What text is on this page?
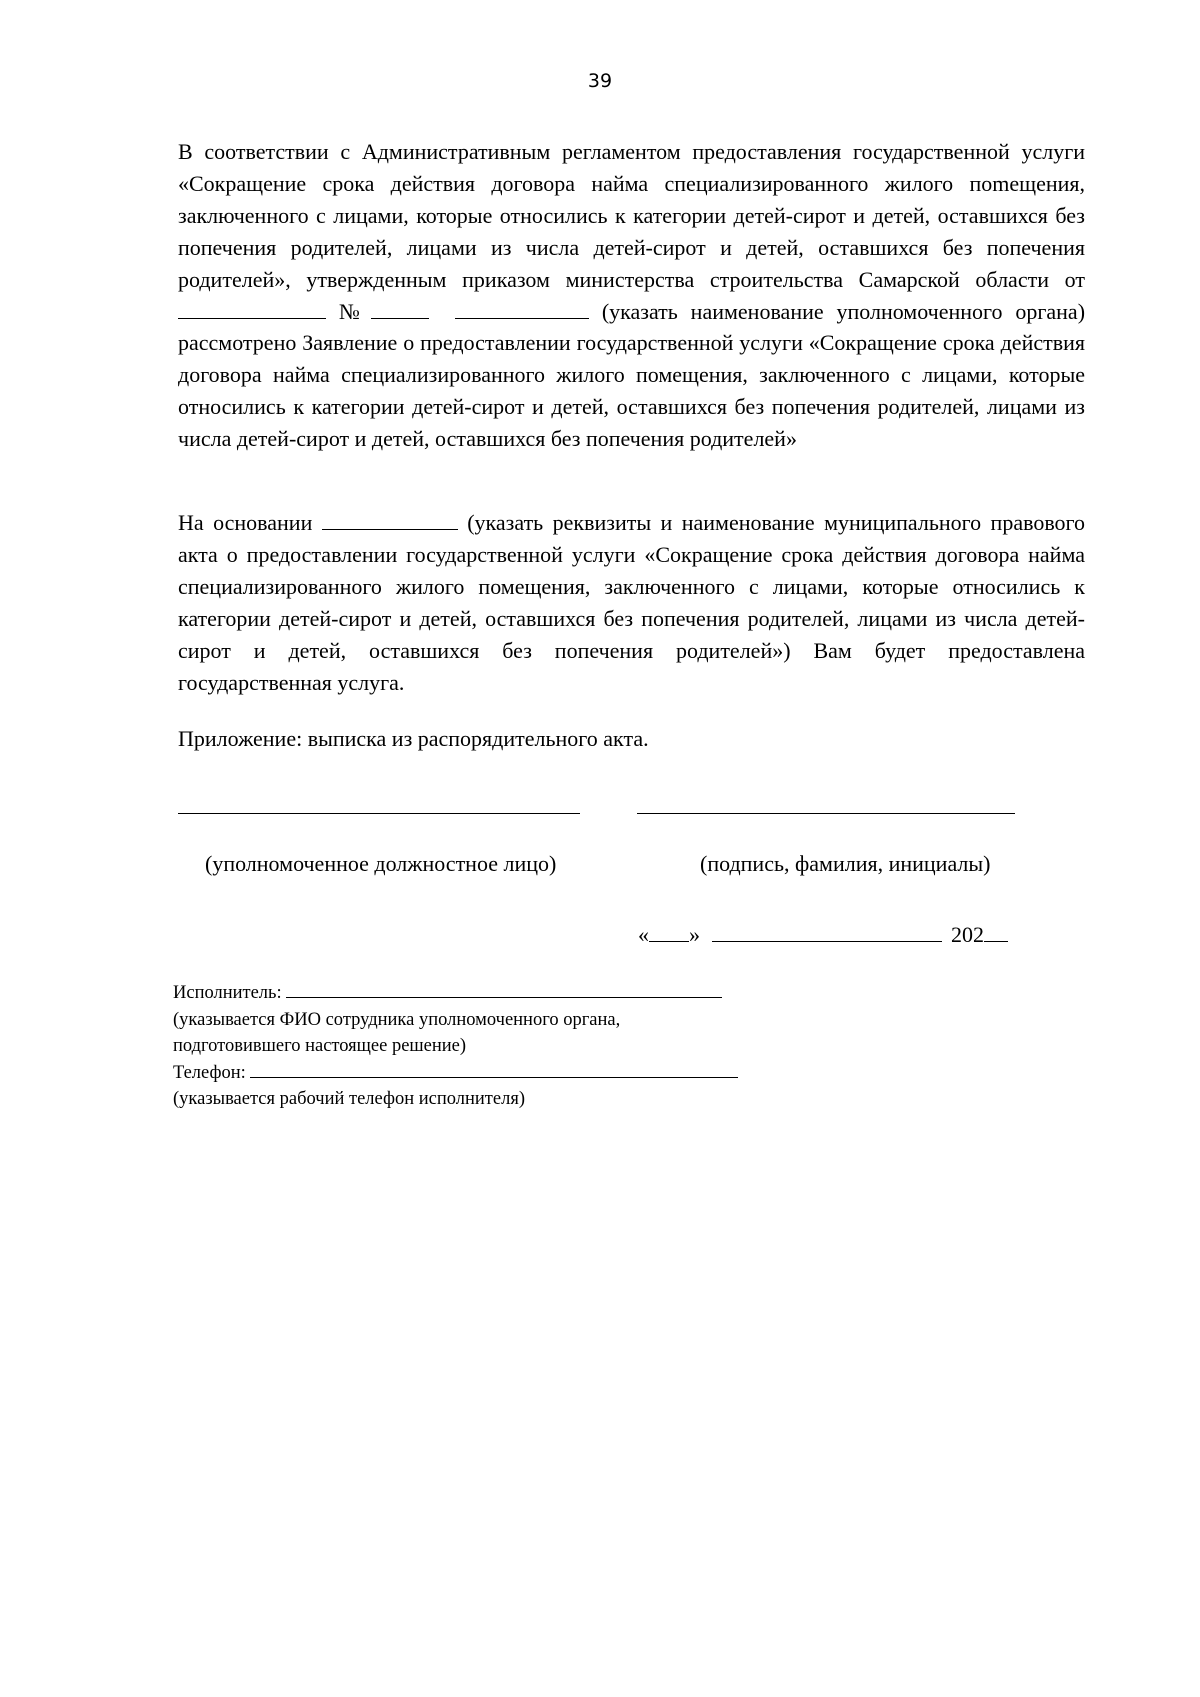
39
В соответствии с Административным регламентом предоставления государственной услуги «Сокращение срока действия договора найма специализированного жилого поmещения, заключенного с лицами, которые относились к категории детей-сирот и детей, оставшихся без попечения родителей, лицами из числа детей-сирот и детей, оставшихся без попечения родителей», утвержденным приказом министерства строительства Самарской области от  №	(указать наименование уполномоченного органа) рассмотрено Заявление о предоставлении государственной услуги «Сокращение срока действия договора найма специализированного жилого помещения, заключенного с лицами, которые относились к категории детей-сирот и детей, оставшихся без попечения родителей, лицами из числа детей-сирот и детей, оставшихся без попечения родителей»
На основании	(указать реквизиты и наименование муниципального правового акта о предоставлении государственной услуги «Сокращение срока действия договора найма специализированного жилого помещения, заключенного с лицами, которые относились к категории детей-сирот и детей, оставшихся без попечения родителей, лицами из числа детей-сирот и детей, оставшихся без попечения родителей») Вам будет предоставлена государственная услуга.
Приложение: выписка из распорядительного акта.
(уполномоченное должностное лицо)	(подпись, фамилия, инициалы)
« »	202
Исполнитель:
(указывается ФИО сотрудника уполномоченного органа,
подготовившего настоящее решение)
Телефон:
(указывается рабочий телефон исполнителя)
